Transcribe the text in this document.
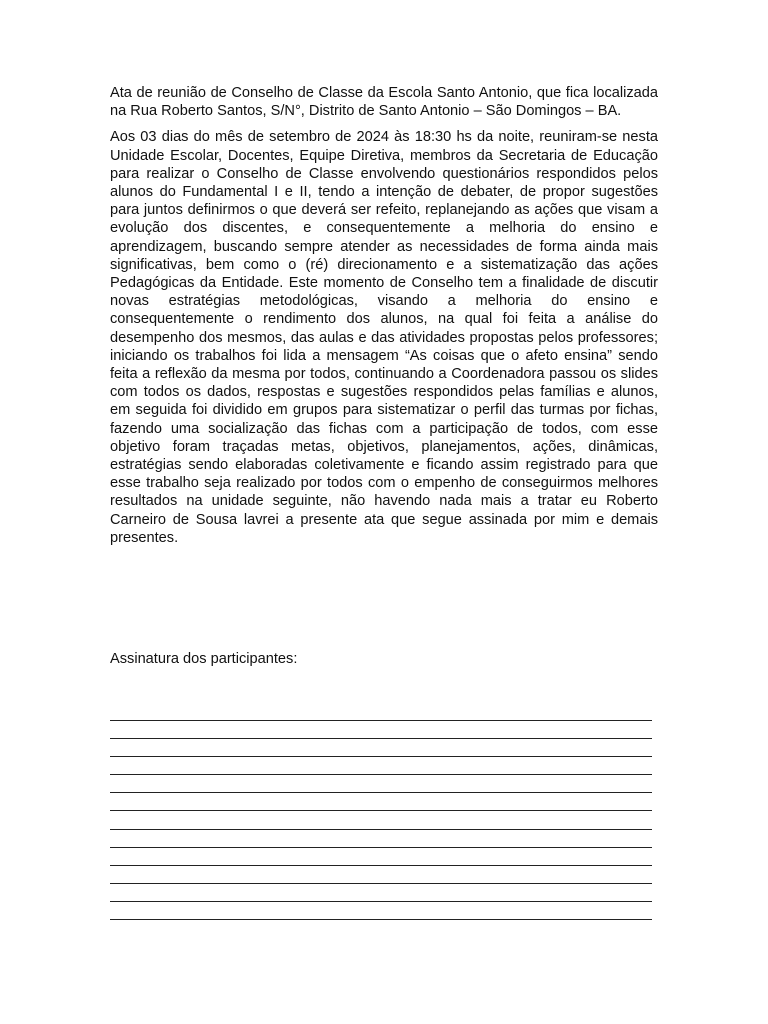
Ata de reunião de Conselho de Classe da Escola Santo Antonio, que fica localizada na Rua Roberto Santos, S/N°, Distrito de Santo Antonio – São Domingos – BA.

Aos 03 dias do mês de setembro de 2024 às 18:30 hs da noite, reuniram-se nesta Unidade Escolar, Docentes, Equipe Diretiva, membros da Secretaria de Educação para realizar o Conselho de Classe envolvendo questionários respondidos pelos alunos do Fundamental I e II, tendo a intenção de debater, de propor sugestões para juntos definirmos o que deverá ser refeito, replanejando as ações que visam a evolução dos discentes, e consequentemente a melhoria do ensino e aprendizagem, buscando sempre atender as necessidades de forma ainda mais significativas, bem como o (ré) direcionamento e a sistematização das ações Pedagógicas da Entidade. Este momento de Conselho tem a finalidade de discutir novas estratégias metodológicas, visando a melhoria do ensino e consequentemente o rendimento dos alunos, na qual foi feita a análise do desempenho dos mesmos, das aulas e das atividades propostas pelos professores; iniciando os trabalhos foi lida a mensagem “As coisas que o afeto ensina” sendo feita a reflexão da mesma por todos, continuando a Coordenadora passou os slides com todos os dados, respostas e sugestões respondidos pelas famílias e alunos, em seguida foi dividido em grupos para sistematizar o perfil das turmas por fichas, fazendo uma socialização das fichas com a participação de todos, com esse objetivo foram traçadas metas, objetivos, planejamentos, ações, dinâmicas, estratégias sendo elaboradas coletivamente e ficando assim registrado para que esse trabalho seja realizado por todos com o empenho de conseguirmos melhores resultados na unidade seguinte, não havendo nada mais a tratar eu Roberto Carneiro de Sousa lavrei a presente ata que segue assinada por mim e demais presentes.

Assinatura dos participantes:
